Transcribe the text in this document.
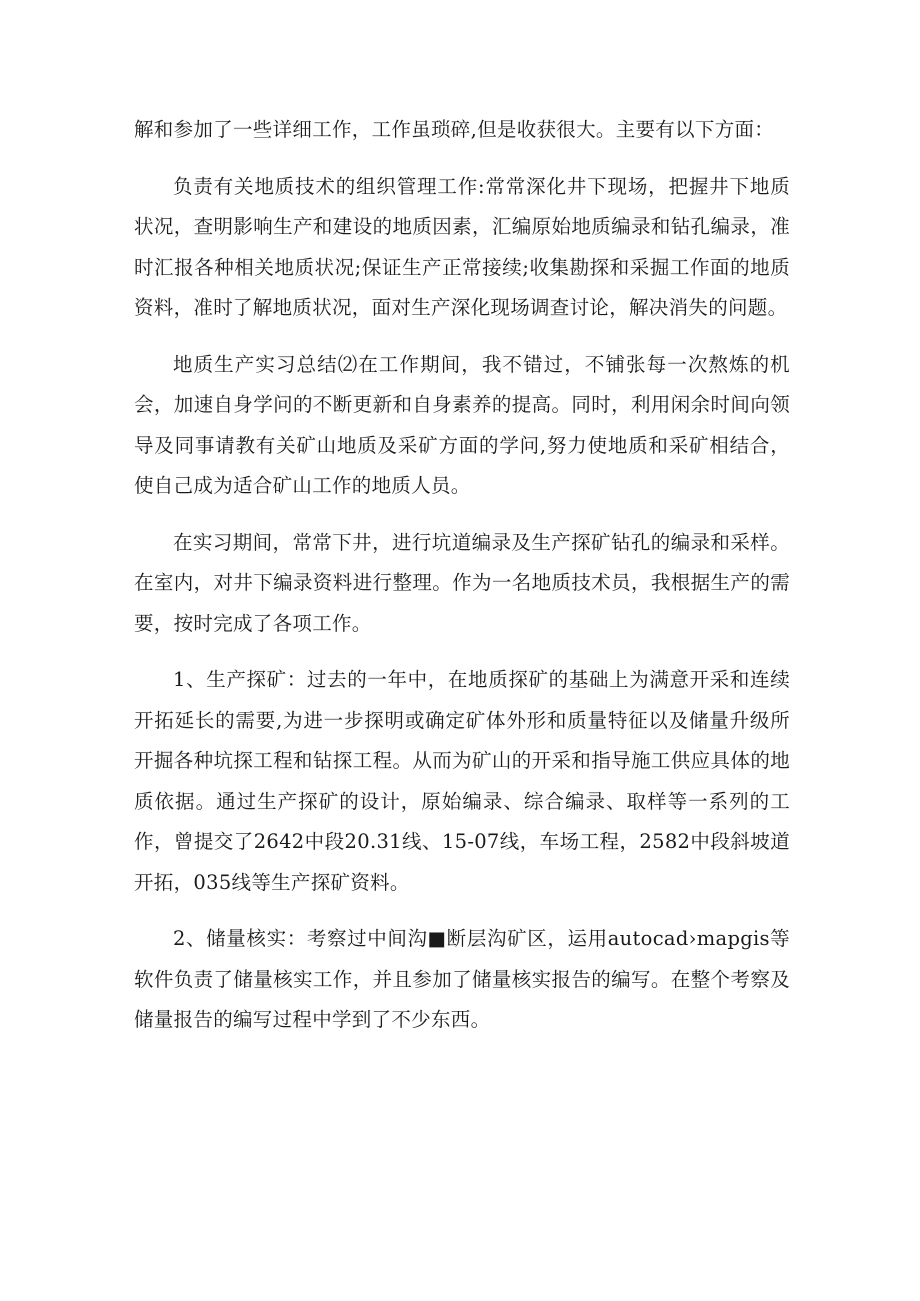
解和参加了一些详细工作，工作虽琐碎,但是收获很大。主要有以下方面：

负责有关地质技术的组织管理工作:常常深化井下现场，把握井下地质状况，查明影响生产和建设的地质因素，汇编原始地质编录和钻孔编录，准时汇报各种相关地质状况;保证生产正常接续;收集勘探和采掘工作面的地质资料，准时了解地质状况，面对生产深化现场调查讨论，解决消失的问题。

地质生产实习总结⑵在工作期间，我不错过，不铺张每一次熬炼的机会，加速自身学问的不断更新和自身素养的提高。同时，利用闲余时间向领导及同事请教有关矿山地质及采矿方面的学问,努力使地质和采矿相结合，使自己成为适合矿山工作的地质人员。

在实习期间，常常下井，进行坑道编录及生产探矿钻孔的编录和采样。在室内，对井下编录资料进行整理。作为一名地质技术员，我根据生产的需要，按时完成了各项工作。

1、生产探矿：过去的一年中，在地质探矿的基础上为满意开采和连续开拓延长的需要,为进一步探明或确定矿体外形和质量特征以及储量升级所开掘各种坑探工程和钻探工程。从而为矿山的开采和指导施工供应具体的地质依据。通过生产探矿的设计，原始编录、综合编录、取样等一系列的工作，曾提交了2642中段20.31线、15-07线，车场工程，2582中段斜坡道开拓，035线等生产探矿资料。

2、储量核实：考察过中间沟■断层沟矿区，运用autocad›mapgis等软件负责了储量核实工作，并且参加了储量核实报告的编写。在整个考察及储量报告的编写过程中学到了不少东西。
